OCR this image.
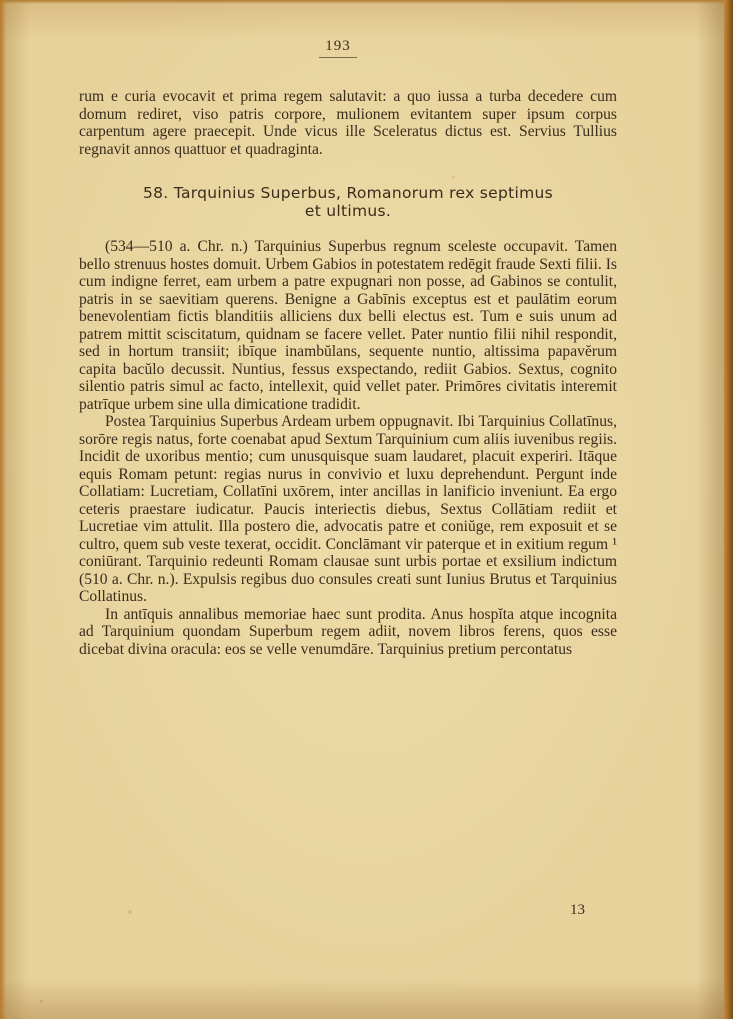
193

rum e curia evocavit et prima regem salutavit: a quo iussa a turba decedere cum domum rediret, viso patris corpore, mulionem evitantem super ipsum corpus carpentum agere praecepit. Unde vicus ille Sceleratus dictus est. Servius Tullius regnavit annos quattuor et quadraginta.

58. Tarquinius Superbus, Romanorum rex septimus
et ultimus.

(534—510 a. Chr. n.) Tarquinius Superbus regnum sceleste occupavit. Tamen bello strenuus hostes domuit. Urbem Gabios in potestatem redēgit fraude Sexti filii. Is cum indigne ferret, eam urbem a patre expugnari non posse, ad Gabinos se contulit, patris in se saevitiam querens. Benigne a Gabīnis exceptus est et paulātim eorum benevolentiam fictis blanditiis alliciens dux belli electus est. Tum e suis unum ad patrem mittit sciscitatum, quidnam se facere vellet. Pater nuntio filii nihil respondit, sed in hortum transiit; ibīque inambŭlans, sequente nuntio, altissima papavĕrum capita bacŭlo decussit. Nuntius, fessus exspectando, rediit Gabios. Sextus, cognito silentio patris simul ac facto, intellexit, quid vellet pater. Primōres civitatis interemit patrīque urbem sine ulla dimicatione tradidit.

Postea Tarquinius Superbus Ardeam urbem oppugnavit. Ibi Tarquinius Collatīnus, sorōre regis natus, forte coenabat apud Sextum Tarquinium cum aliis iuvenibus regiis. Incidit de uxoribus mentio; cum unusquisque suam laudaret, placuit experiri. Itāque equis Romam petunt: regias nurus in convivio et luxu deprehendunt. Pergunt inde Collatiam: Lucretiam, Collatīni uxōrem, inter ancillas in lanificio inveniunt. Ea ergo ceteris praestare iudicatur. Paucis interiectis diebus, Sextus Collātiam rediit et Lucretiae vim attulit. Illa postero die, advocatis patre et coniŭge, rem exposuit et se cultro, quem sub veste texerat, occidit. Conclāmant vir paterque et in exitium regum ¹ coniūrant. Tarquinio redeunti Romam clausae sunt urbis portae et exsilium indictum (510 a. Chr. n.). Expulsis regibus duo consules creati sunt Iunius Brutus et Tarquinius Collatinus.

In antīquis annalibus memoriae haec sunt prodita. Anus hospĭta atque incognita ad Tarquinium quondam Superbum regem adiit, novem libros ferens, quos esse dicebat divina oracula: eos se velle venumdāre. Tarquinius pretium percontatus

13
